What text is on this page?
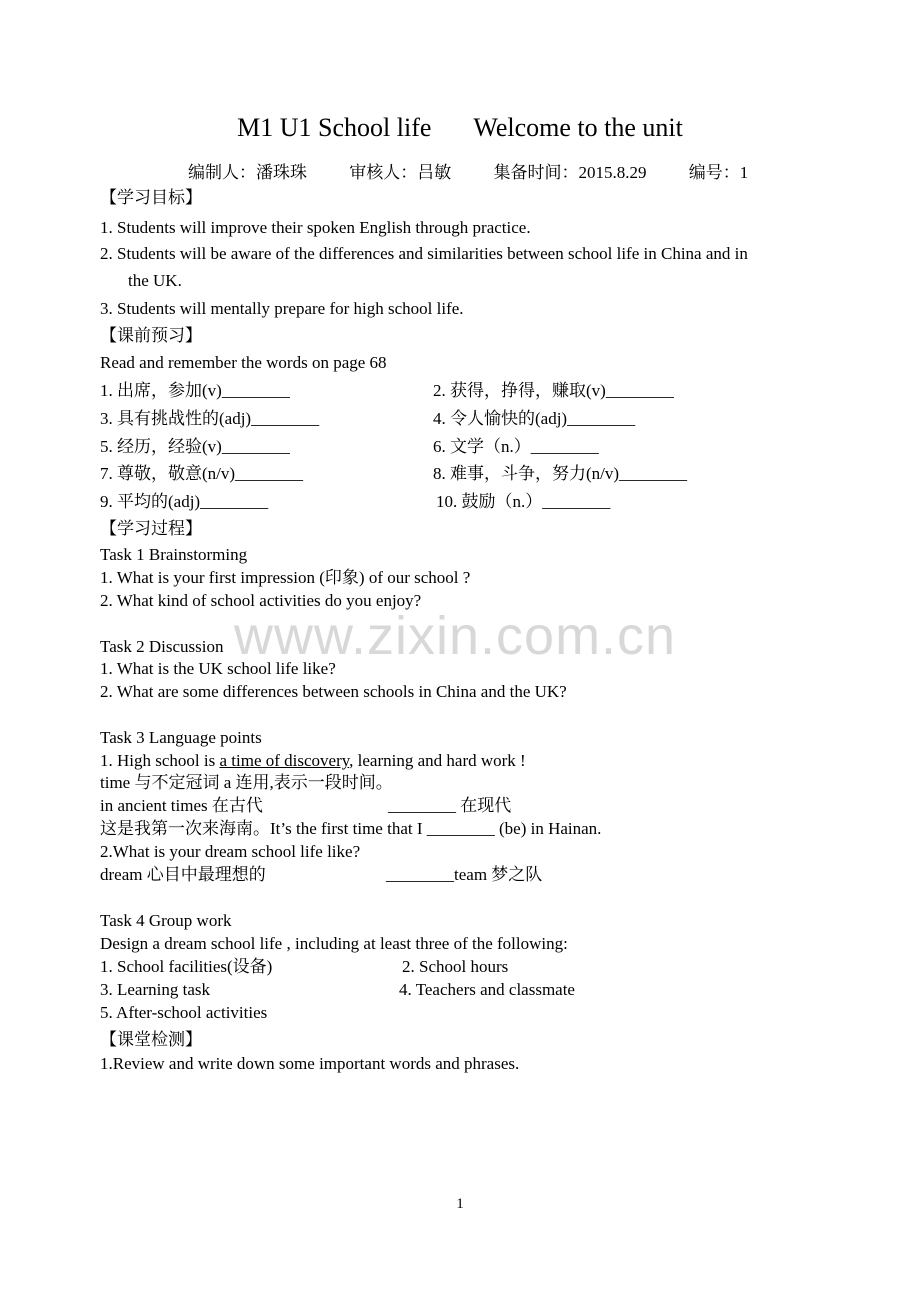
M1 U1 School life Welcome to the unit
编制人：潘珠珠 审核人：吕敏 集备时间：2015.8.29 编号：1
【学习目标】
1. Students will improve their spoken English through practice.
2. Students will be aware of the differences and similarities between school life in China and in
the UK.
3. Students will mentally prepare for high school life.
【课前预习】
Read and remember the words on page 68
1. 出席，参加(v)________	2. 获得，挣得，赚取(v)________
3. 具有挑战性的(adj)________	4. 令人愉快的(adj)________
5. 经历，经验(v)________	6. 文学（n.）________
7. 尊敬，敬意(n/v)________	8. 难事，斗争，努力(n/v)________
9. 平均的(adj)________	10. 鼓励（n.）________
【学习过程】
Task 1 Brainstorming
1. What is your first impression (印象) of our school ?
2. What kind of school activities do you enjoy?
Task 2 Discussion
1. What is the UK school life like?
2. What are some differences between schools in China and the UK?
Task 3 Language points
1. High school is a time of discovery, learning and hard work !
time 与不定冠词 a 连用,表示一段时间。
in ancient times 在古代	________ 在现代
这是我第一次来海南。It’s the first time that I ________ (be) in Hainan.
2.What is your dream school life like?
dream 心目中最理想的	________team 梦之队
Task 4 Group work
Design a dream school life , including at least three of the following:
1. School facilities(设备)	2. School hours
3. Learning task	4. Teachers and classmate
5. After-school activities
【课堂检测】
1.Review and write down some important words and phrases.
www.zixin.com.cn
1
